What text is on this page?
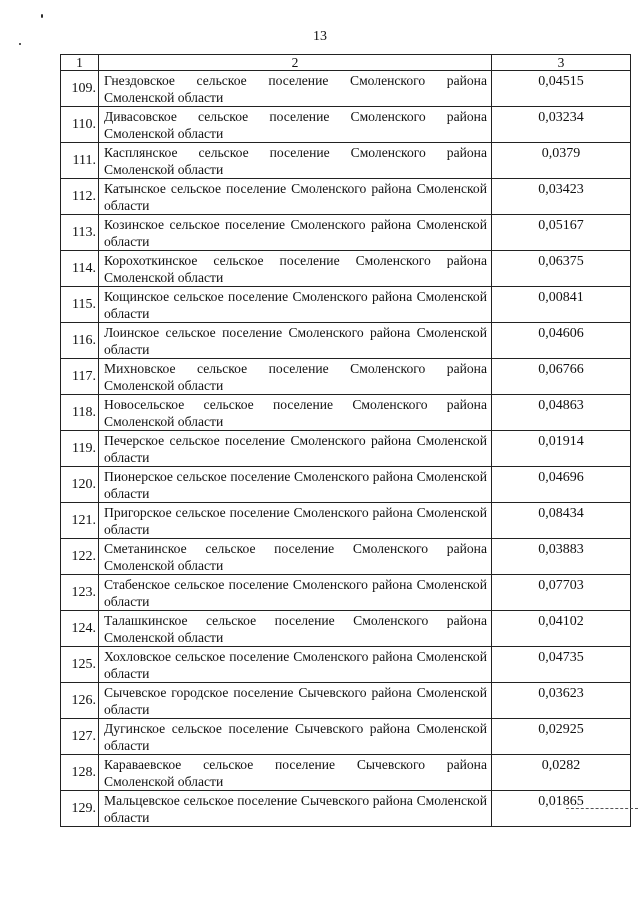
13
1	2	3
109.	Гнездовское сельское поселение Смоленского района Смоленской области	0,04515
110.	Дивасовское сельское поселение Смоленского района Смоленской области	0,03234
111.	Касплянское сельское поселение Смоленского района Смоленской области	0,0379
112.	Катынское сельское поселение Смоленского района Смоленской области	0,03423
113.	Козинское сельское поселение Смоленского района Смоленской области	0,05167
114.	Корохоткинское сельское поселение Смоленского района Смоленской области	0,06375
115.	Кощинское сельское поселение Смоленского района Смоленской области	0,00841
116.	Лоинское сельское поселение Смоленского района Смоленской области	0,04606
117.	Михновское сельское поселение Смоленского района Смоленской области	0,06766
118.	Новосельское сельское поселение Смоленского района Смоленской области	0,04863
119.	Печерское сельское поселение Смоленского района Смоленской области	0,01914
120.	Пионерское сельское поселение Смоленского района Смоленской области	0,04696
121.	Пригорское сельское поселение Смоленского района Смоленской области	0,08434
122.	Сметанинское сельское поселение Смоленского района Смоленской области	0,03883
123.	Стабенское сельское поселение Смоленского района Смоленской области	0,07703
124.	Талашкинское сельское поселение Смоленского района Смоленской области	0,04102
125.	Хохловское сельское поселение Смоленского района Смоленской области	0,04735
126.	Сычевское городское поселение Сычевского района Смоленской области	0,03623
127.	Дугинское сельское поселение Сычевского района Смоленской области	0,02925
128.	Караваевское сельское поселение Сычевского района Смоленской области	0,0282
129.	Мальцевское сельское поселение Сычевского района Смоленской области	0,01865
